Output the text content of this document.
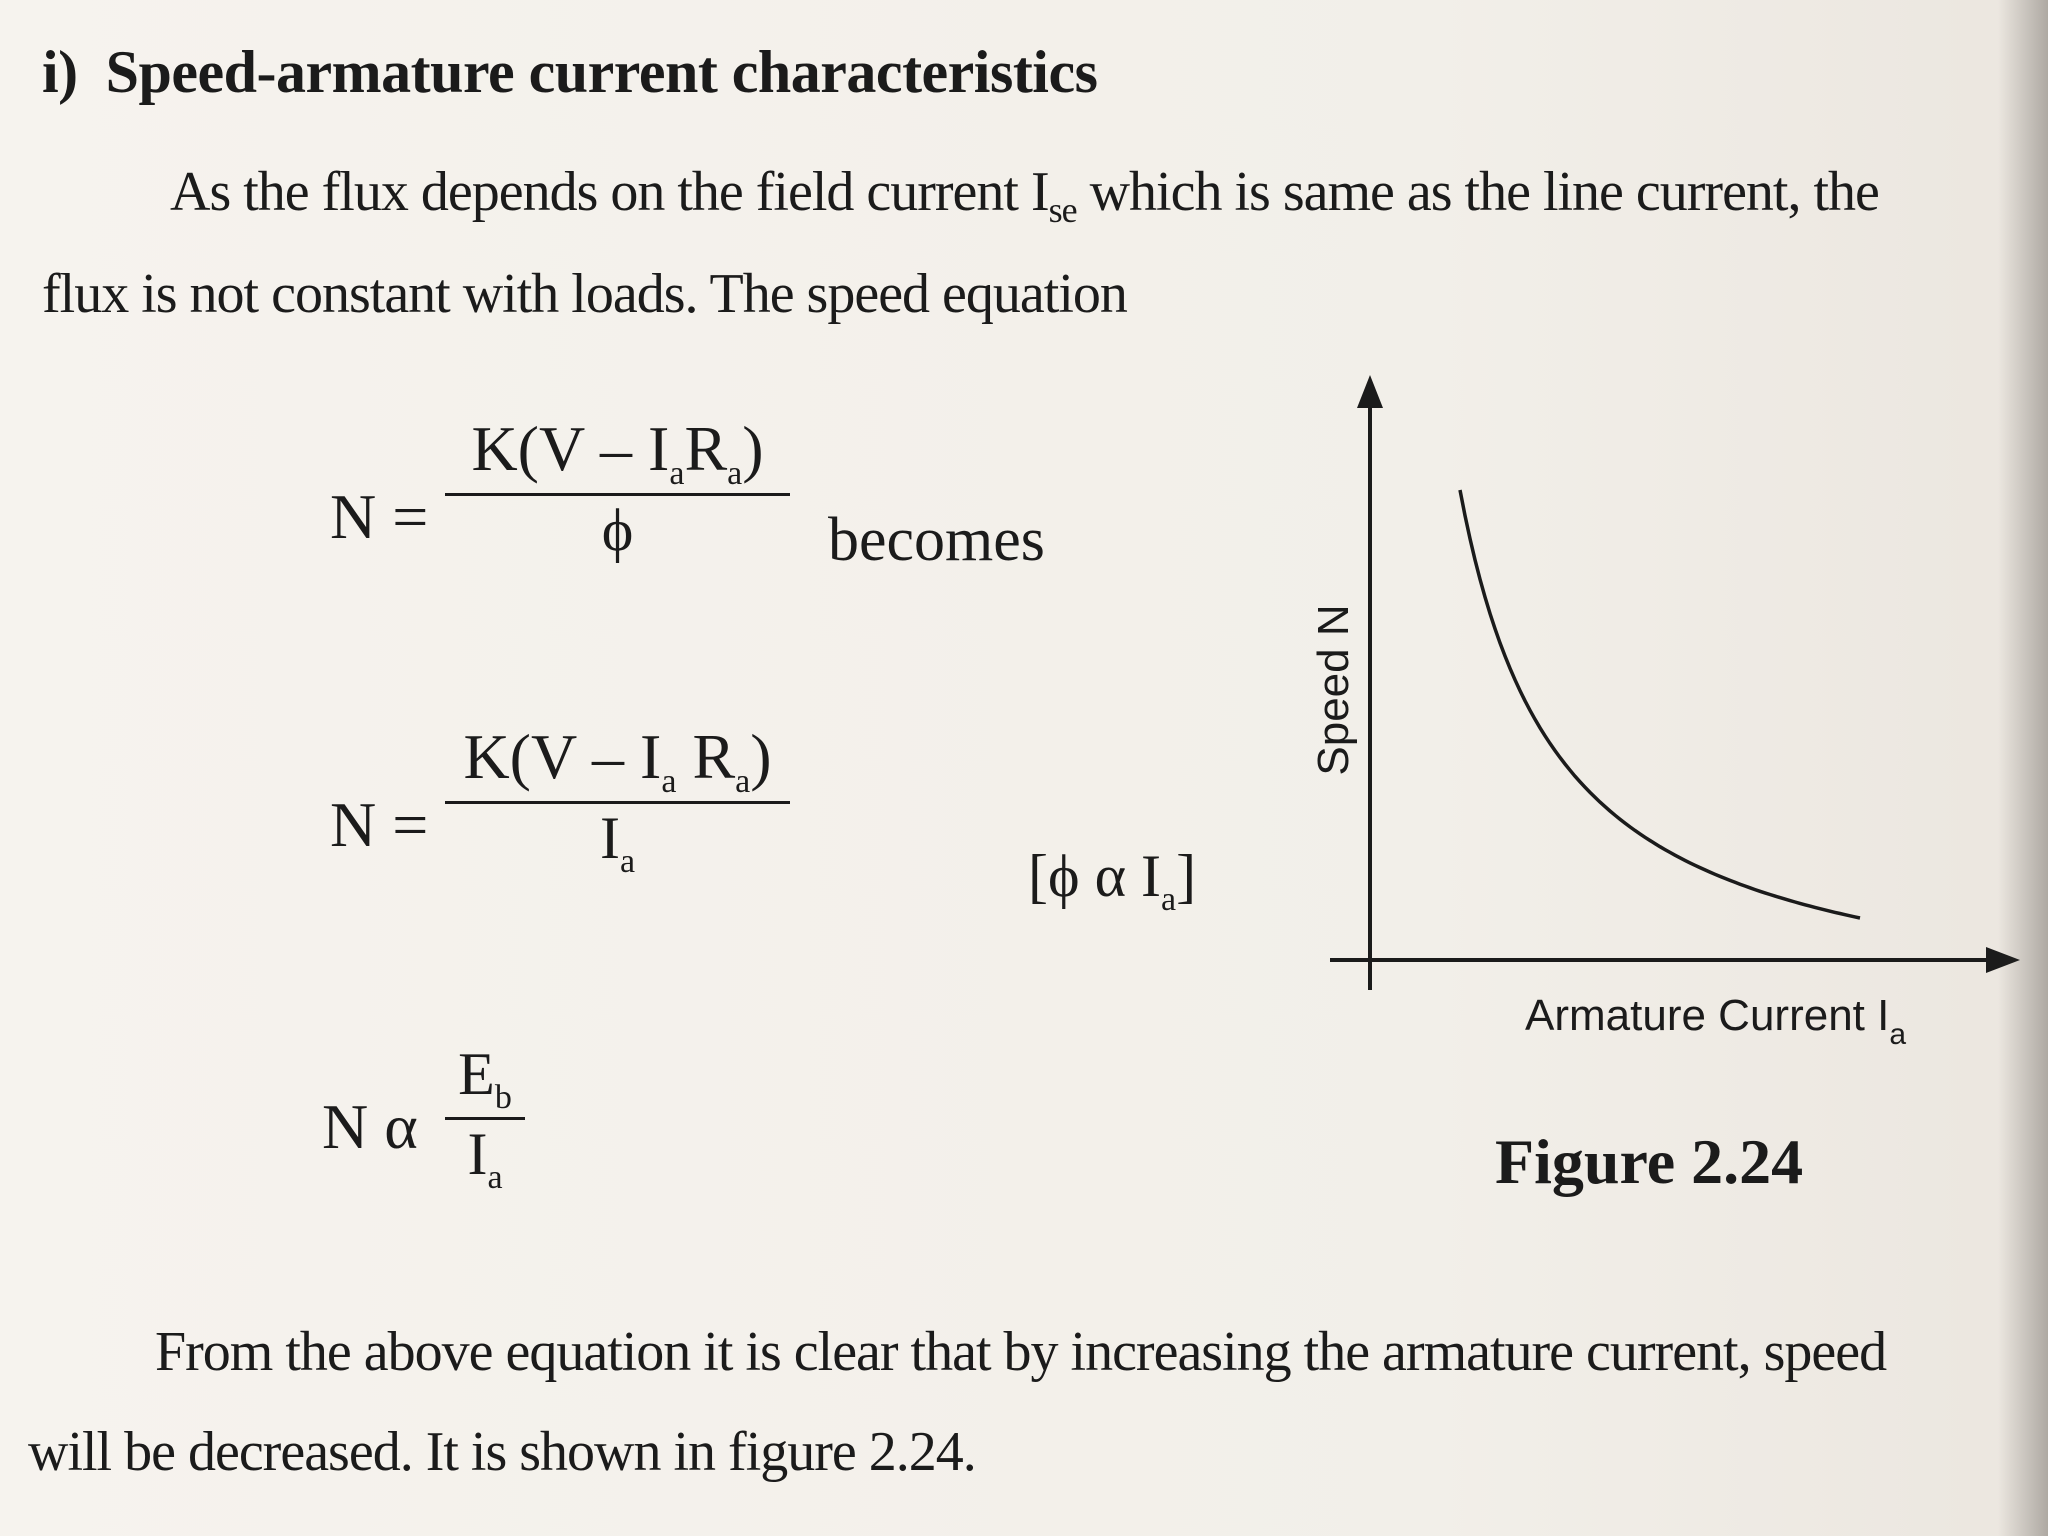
i) Speed-armature current characteristics
As the flux depends on the field current $I_{se}$ which is same as the line current, the
flux is not constant with loads. The speed equation
N =
$K(V - I_aR_a)$
ϕ	becomes
N =
$K(V - I_a$ $R_a$)
$I_a$	[ϕ α $I_a$]
N α
$E_b$
$I_a$
Speed N
Armature Current $I_a$
Figure 2.24
From the above equation it is clear that by increasing the armature current, speed
will be decreased. It is shown in figure 2.24.
